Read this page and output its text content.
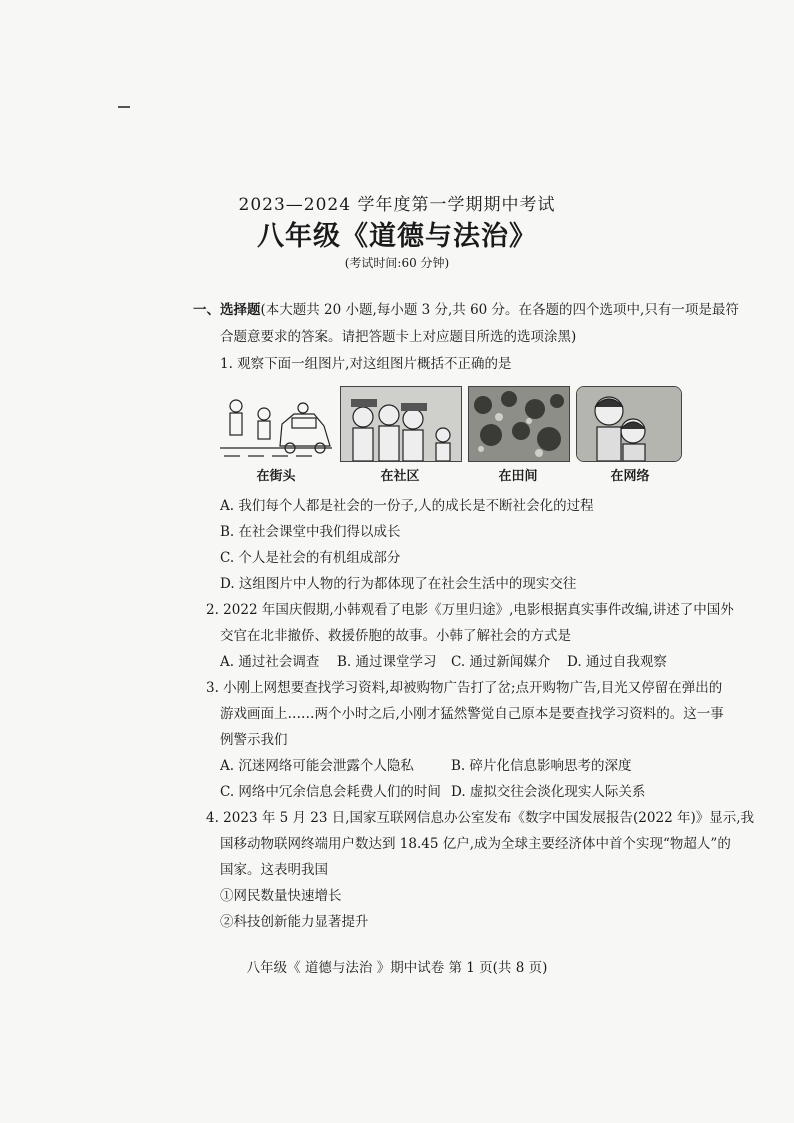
2023—2024 学年度第一学期期中考试
八年级《道德与法治》
(考试时间:60 分钟)
一、选择题(本大题共 20 小题,每小题 3 分,共 60 分。在各题的四个选项中,只有一项是最符
合题意要求的答案。请把答题卡上对应题目所选的选项涂黑)
1. 观察下面一组图片,对这组图片概括不正确的是
在街头	在社区	在田间	在网络
A. 我们每个人都是社会的一份子,人的成长是不断社会化的过程
B. 在社会课堂中我们得以成长
C. 个人是社会的有机组成部分
D. 这组图片中人物的行为都体现了在社会生活中的现实交往
2. 2022 年国庆假期,小韩观看了电影《万里归途》,电影根据真实事件改编,讲述了中国外
交官在北非撤侨、救援侨胞的故事。小韩了解社会的方式是
A. 通过社会调查 B. 通过课堂学习 C. 通过新闻媒介 D. 通过自我观察
3. 小刚上网想要查找学习资料,却被购物广告打了岔;点开购物广告,目光又停留在弹出的
游戏画面上……两个小时之后,小刚才猛然警觉自己原本是要查找学习资料的。这一事
例警示我们
A. 沉迷网络可能会泄露个人隐私	B. 碎片化信息影响思考的深度
C. 网络中冗余信息会耗费人们的时间 D. 虚拟交往会淡化现实人际关系
4. 2023 年 5 月 23 日,国家互联网信息办公室发布《数字中国发展报告(2022 年)》显示,我
国移动物联网终端用户数达到 18.45 亿户,成为全球主要经济体中首个实现“物超人”的
国家。这表明我国
①网民数量快速增长
②科技创新能力显著提升
八年级《 道德与法治 》期中试卷 第 1 页(共 8 页)
